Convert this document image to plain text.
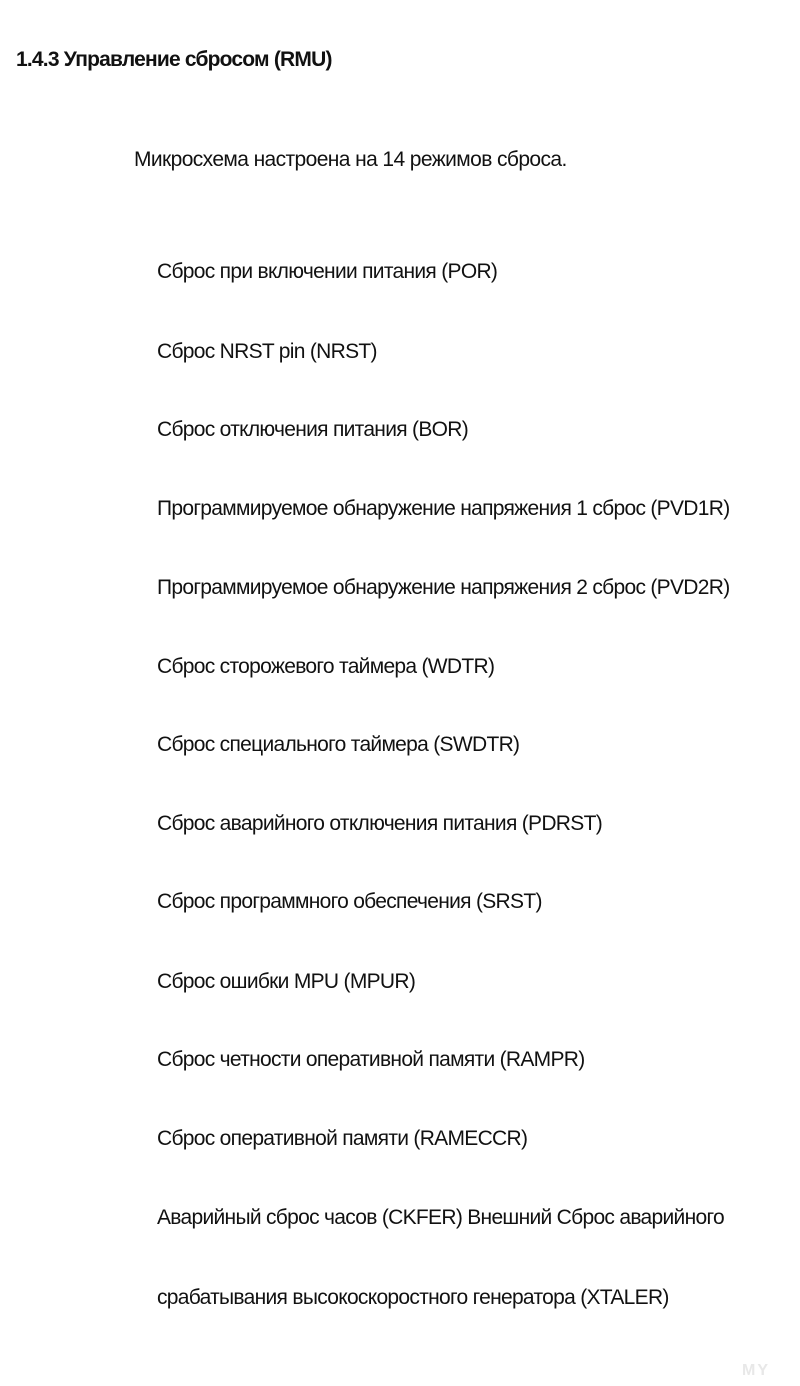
1.4.3 Управление сбросом (RMU)
Микросхема настроена на 14 режимов сброса.
Сброс при включении питания (POR)
Сброс NRST pin (NRST)
Сброс отключения питания (BOR)
Программируемое обнаружение напряжения 1 сброс (PVD1R)
Программируемое обнаружение напряжения 2 сброс (PVD2R)
Сброс сторожевого таймера (WDTR)
Сброс специального таймера (SWDTR)
Сброс аварийного отключения питания (PDRST)
Сброс программного обеспечения (SRST)
Сброс ошибки MPU (MPUR)
Сброс четности оперативной памяти (RAMPR)
Сброс оперативной памяти (RAMECCR)
Аварийный сброс часов (CKFER) Внешний Сброс аварийного
срабатывания высокоскоростного генератора (XTALER)
MY
